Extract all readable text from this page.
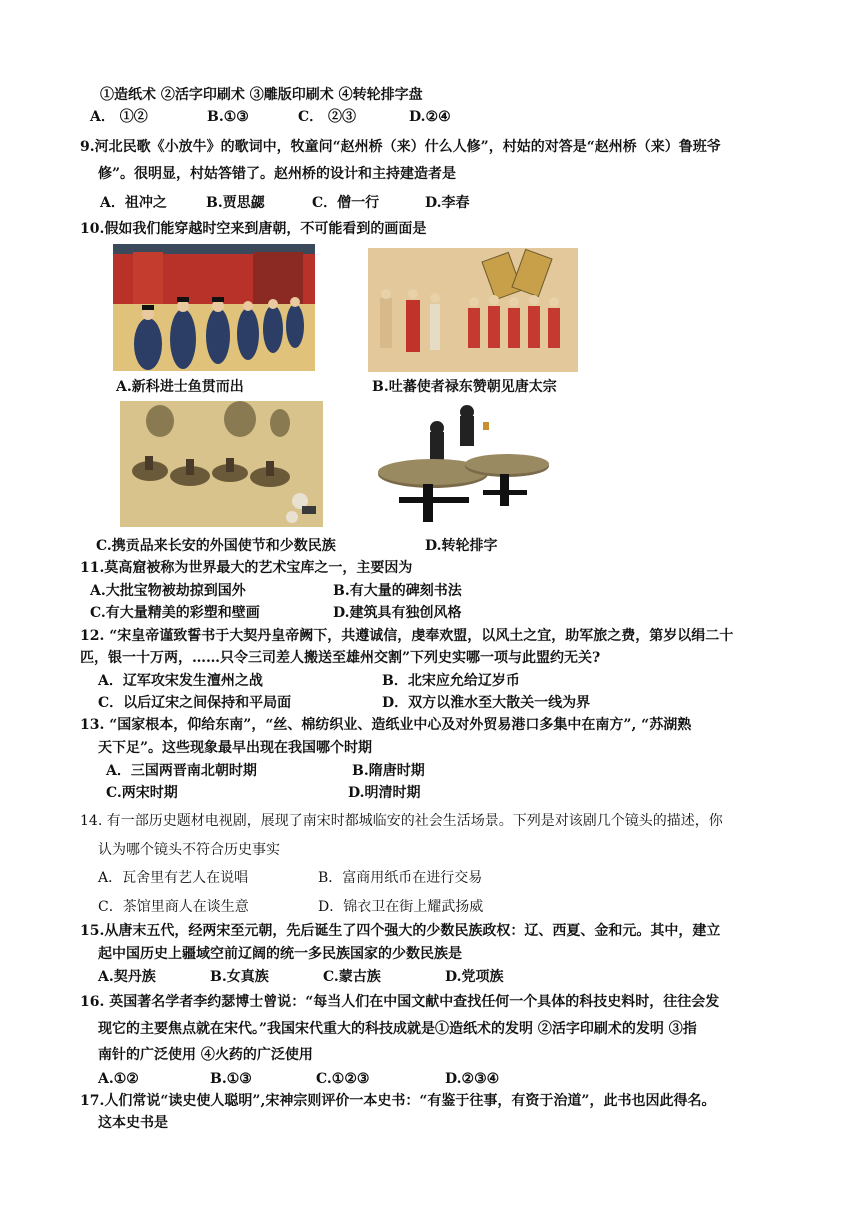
①造纸术 ②活字印刷术 ③雕版印刷术 ④转轮排字盘
A． ①②	B.①③	C． ②③	D.②④
9.河北民歌《小放牛》的歌词中，牧童问“赵州桥（来）什么人修”，村姑的对答是“赵州桥（来）鲁班爷
修”。很明显，村姑答错了。赵州桥的设计和主持建造者是
A．祖冲之	B.贾思勰	C．僧一行	D.李春
10.假如我们能穿越时空来到唐朝，不可能看到的画面是
A.新科进士鱼贯而出	B.吐蕃使者禄东赞朝见唐太宗
C.携贡品来长安的外国使节和少数民族	D.转轮排字
11.莫高窟被称为世界最大的艺术宝库之一，主要因为
A.大批宝物被劫掠到国外	B.有大量的碑刻书法
C.有大量精美的彩塑和壁画	D.建筑具有独创风格
12. “宋皇帝谨致誓书于大契丹皇帝阙下，共遵诚信，虔奉欢盟，以风土之宜，助军旅之费，第岁以绢二十
匹，银一十万两，……只令三司差人搬送至雄州交割”下列史实哪一项与此盟约无关?
A．辽军攻宋发生澶州之战	B．北宋应允给辽岁币
C．以后辽宋之间保持和平局面	D．双方以淮水至大散关一线为界
13. “国家根本，仰给东南”，“丝、棉纺织业、造纸业中心及对外贸易港口多集中在南方”, “苏湖熟
天下足”。这些现象最早出现在我国哪个时期
A．三国两晋南北朝时期	B.隋唐时期
C.两宋时期	D.明清时期
14. 有一部历史题材电视剧，展现了南宋时都城临安的社会生活场景。下列是对该剧几个镜头的描述，你
认为哪个镜头不符合历史事实
A．瓦舍里有艺人在说唱	B．富商用纸币在进行交易
C．茶馆里商人在谈生意	D．锦衣卫在街上耀武扬威
15.从唐末五代，经两宋至元朝，先后诞生了四个强大的少数民族政权：辽、西夏、金和元。其中，建立
起中国历史上疆域空前辽阔的统一多民族国家的少数民族是
A.契丹族	B.女真族	C.蒙古族	D.党项族
16. 英国著名学者李约瑟博士曾说：“每当人们在中国文献中查找任何一个具体的科技史料时，往往会发
现它的主要焦点就在宋代。”我国宋代重大的科技成就是①造纸术的发明 ②活字印刷术的发明 ③指
南针的广泛使用 ④火药的广泛使用
A.①②	B.①③	C.①②③	D.②③④
17.人们常说“读史使人聪明”,宋神宗则评价一本史书：“有鉴于往事，有资于治道”，此书也因此得名。
这本史书是
